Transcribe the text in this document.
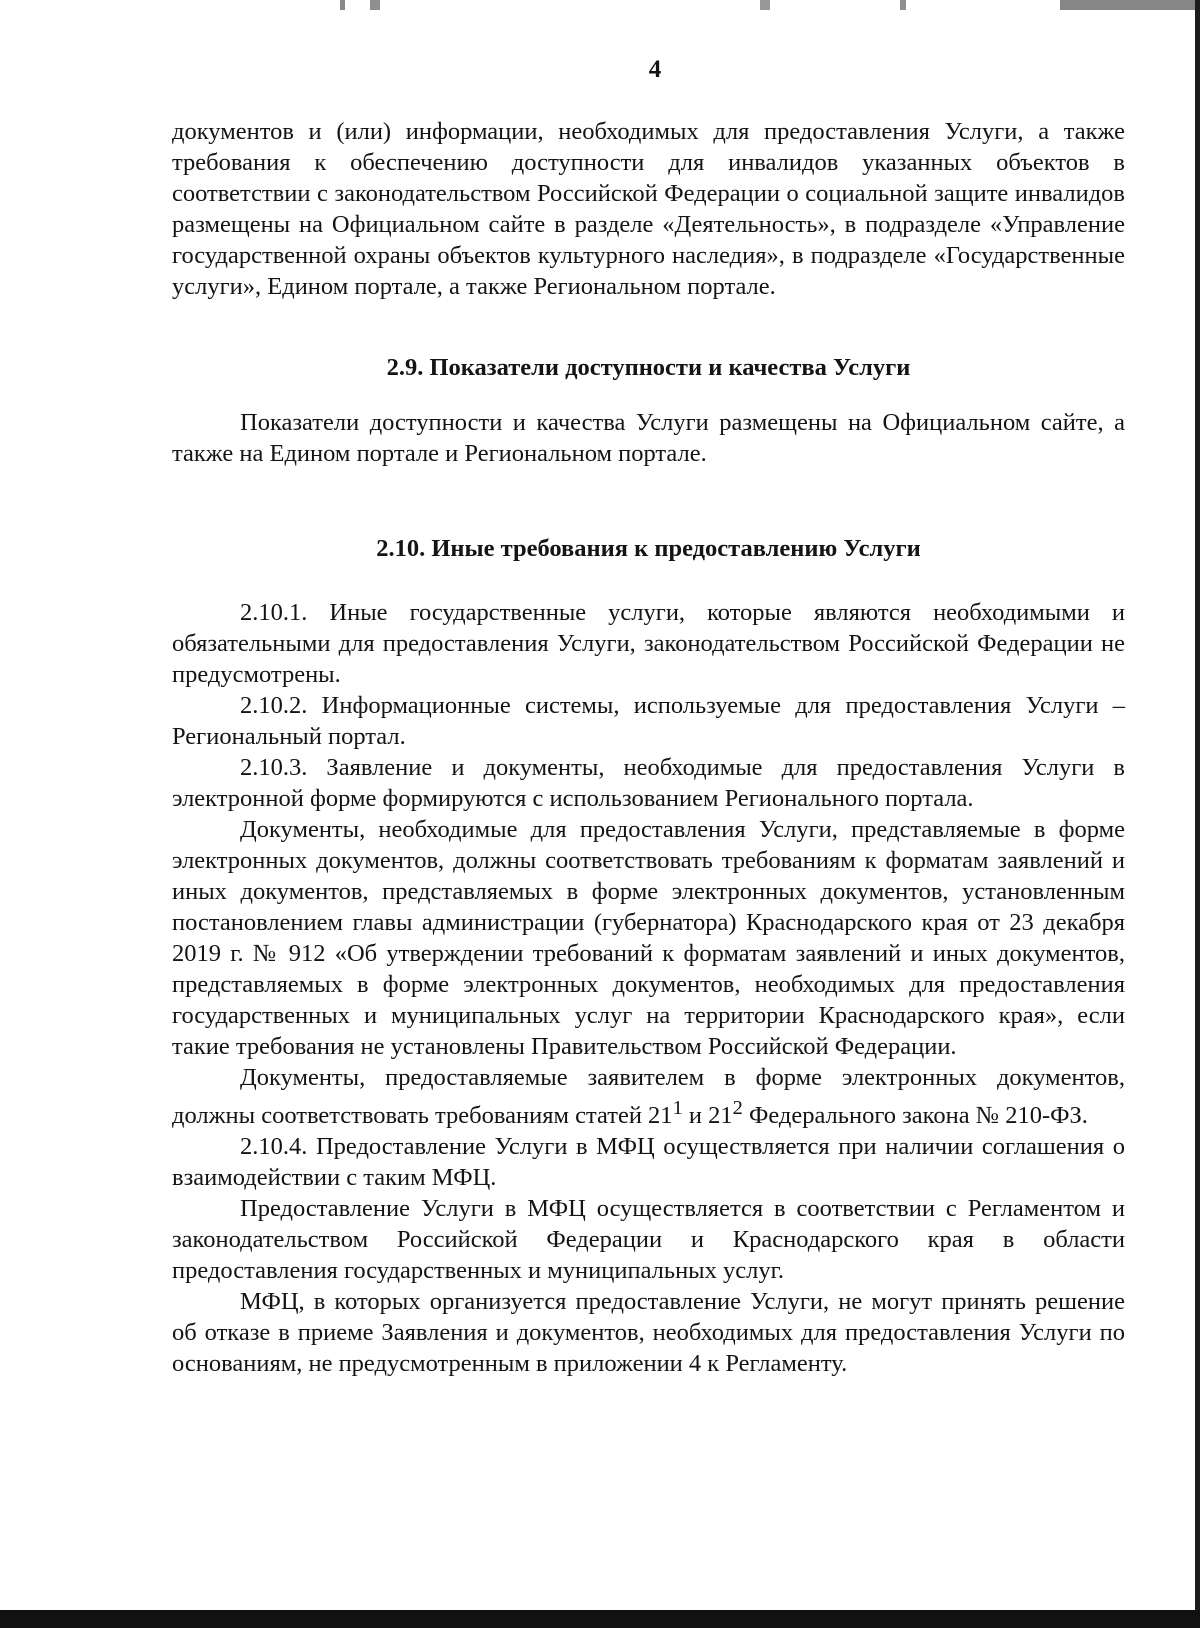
4

документов и (или) информации, необходимых для предоставления Услуги, а также требования к обеспечению доступности для инвалидов указанных объектов в соответствии с законодательством Российской Федерации о социальной защите инвалидов размещены на Официальном сайте в разделе «Деятельность», в подразделе «Управление государственной охраны объектов культурного наследия», в подразделе «Государственные услуги», Едином портале, а также Региональном портале.

2.9. Показатели доступности и качества Услуги

Показатели доступности и качества Услуги размещены на Официальном сайте, а также на Едином портале и Региональном портале.

2.10. Иные требования к предоставлению Услуги

2.10.1. Иные государственные услуги, которые являются необходимыми и обязательными для предоставления Услуги, законодательством Российской Федерации не предусмотрены.

2.10.2. Информационные системы, используемые для предоставления Услуги – Региональный портал.

2.10.3. Заявление и документы, необходимые для предоставления Услуги в электронной форме формируются с использованием Регионального портала.

Документы, необходимые для предоставления Услуги, представляемые в форме электронных документов, должны соответствовать требованиям к форматам заявлений и иных документов, представляемых в форме электронных документов, установленным постановлением главы администрации (губернатора) Краснодарского края от 23 декабря 2019 г. № 912 «Об утверждении требований к форматам заявлений и иных документов, представляемых в форме электронных документов, необходимых для предоставления государственных и муниципальных услуг на территории Краснодарского края», если такие требования не установлены Правительством Российской Федерации.

Документы, предоставляемые заявителем в форме электронных документов, должны соответствовать требованиям статей $21^1$ и $21^2$ Федерального закона № 210-ФЗ.

2.10.4. Предоставление Услуги в МФЦ осуществляется при наличии соглашения о взаимодействии с таким МФЦ.

Предоставление Услуги в МФЦ осуществляется в соответствии с Регламентом и законодательством Российской Федерации и Краснодарского края в области предоставления государственных и муниципальных услуг.

МФЦ, в которых организуется предоставление Услуги, не могут принять решение об отказе в приеме Заявления и документов, необходимых для предоставления Услуги по основаниям, не предусмотренным в приложении 4 к Регламенту.
